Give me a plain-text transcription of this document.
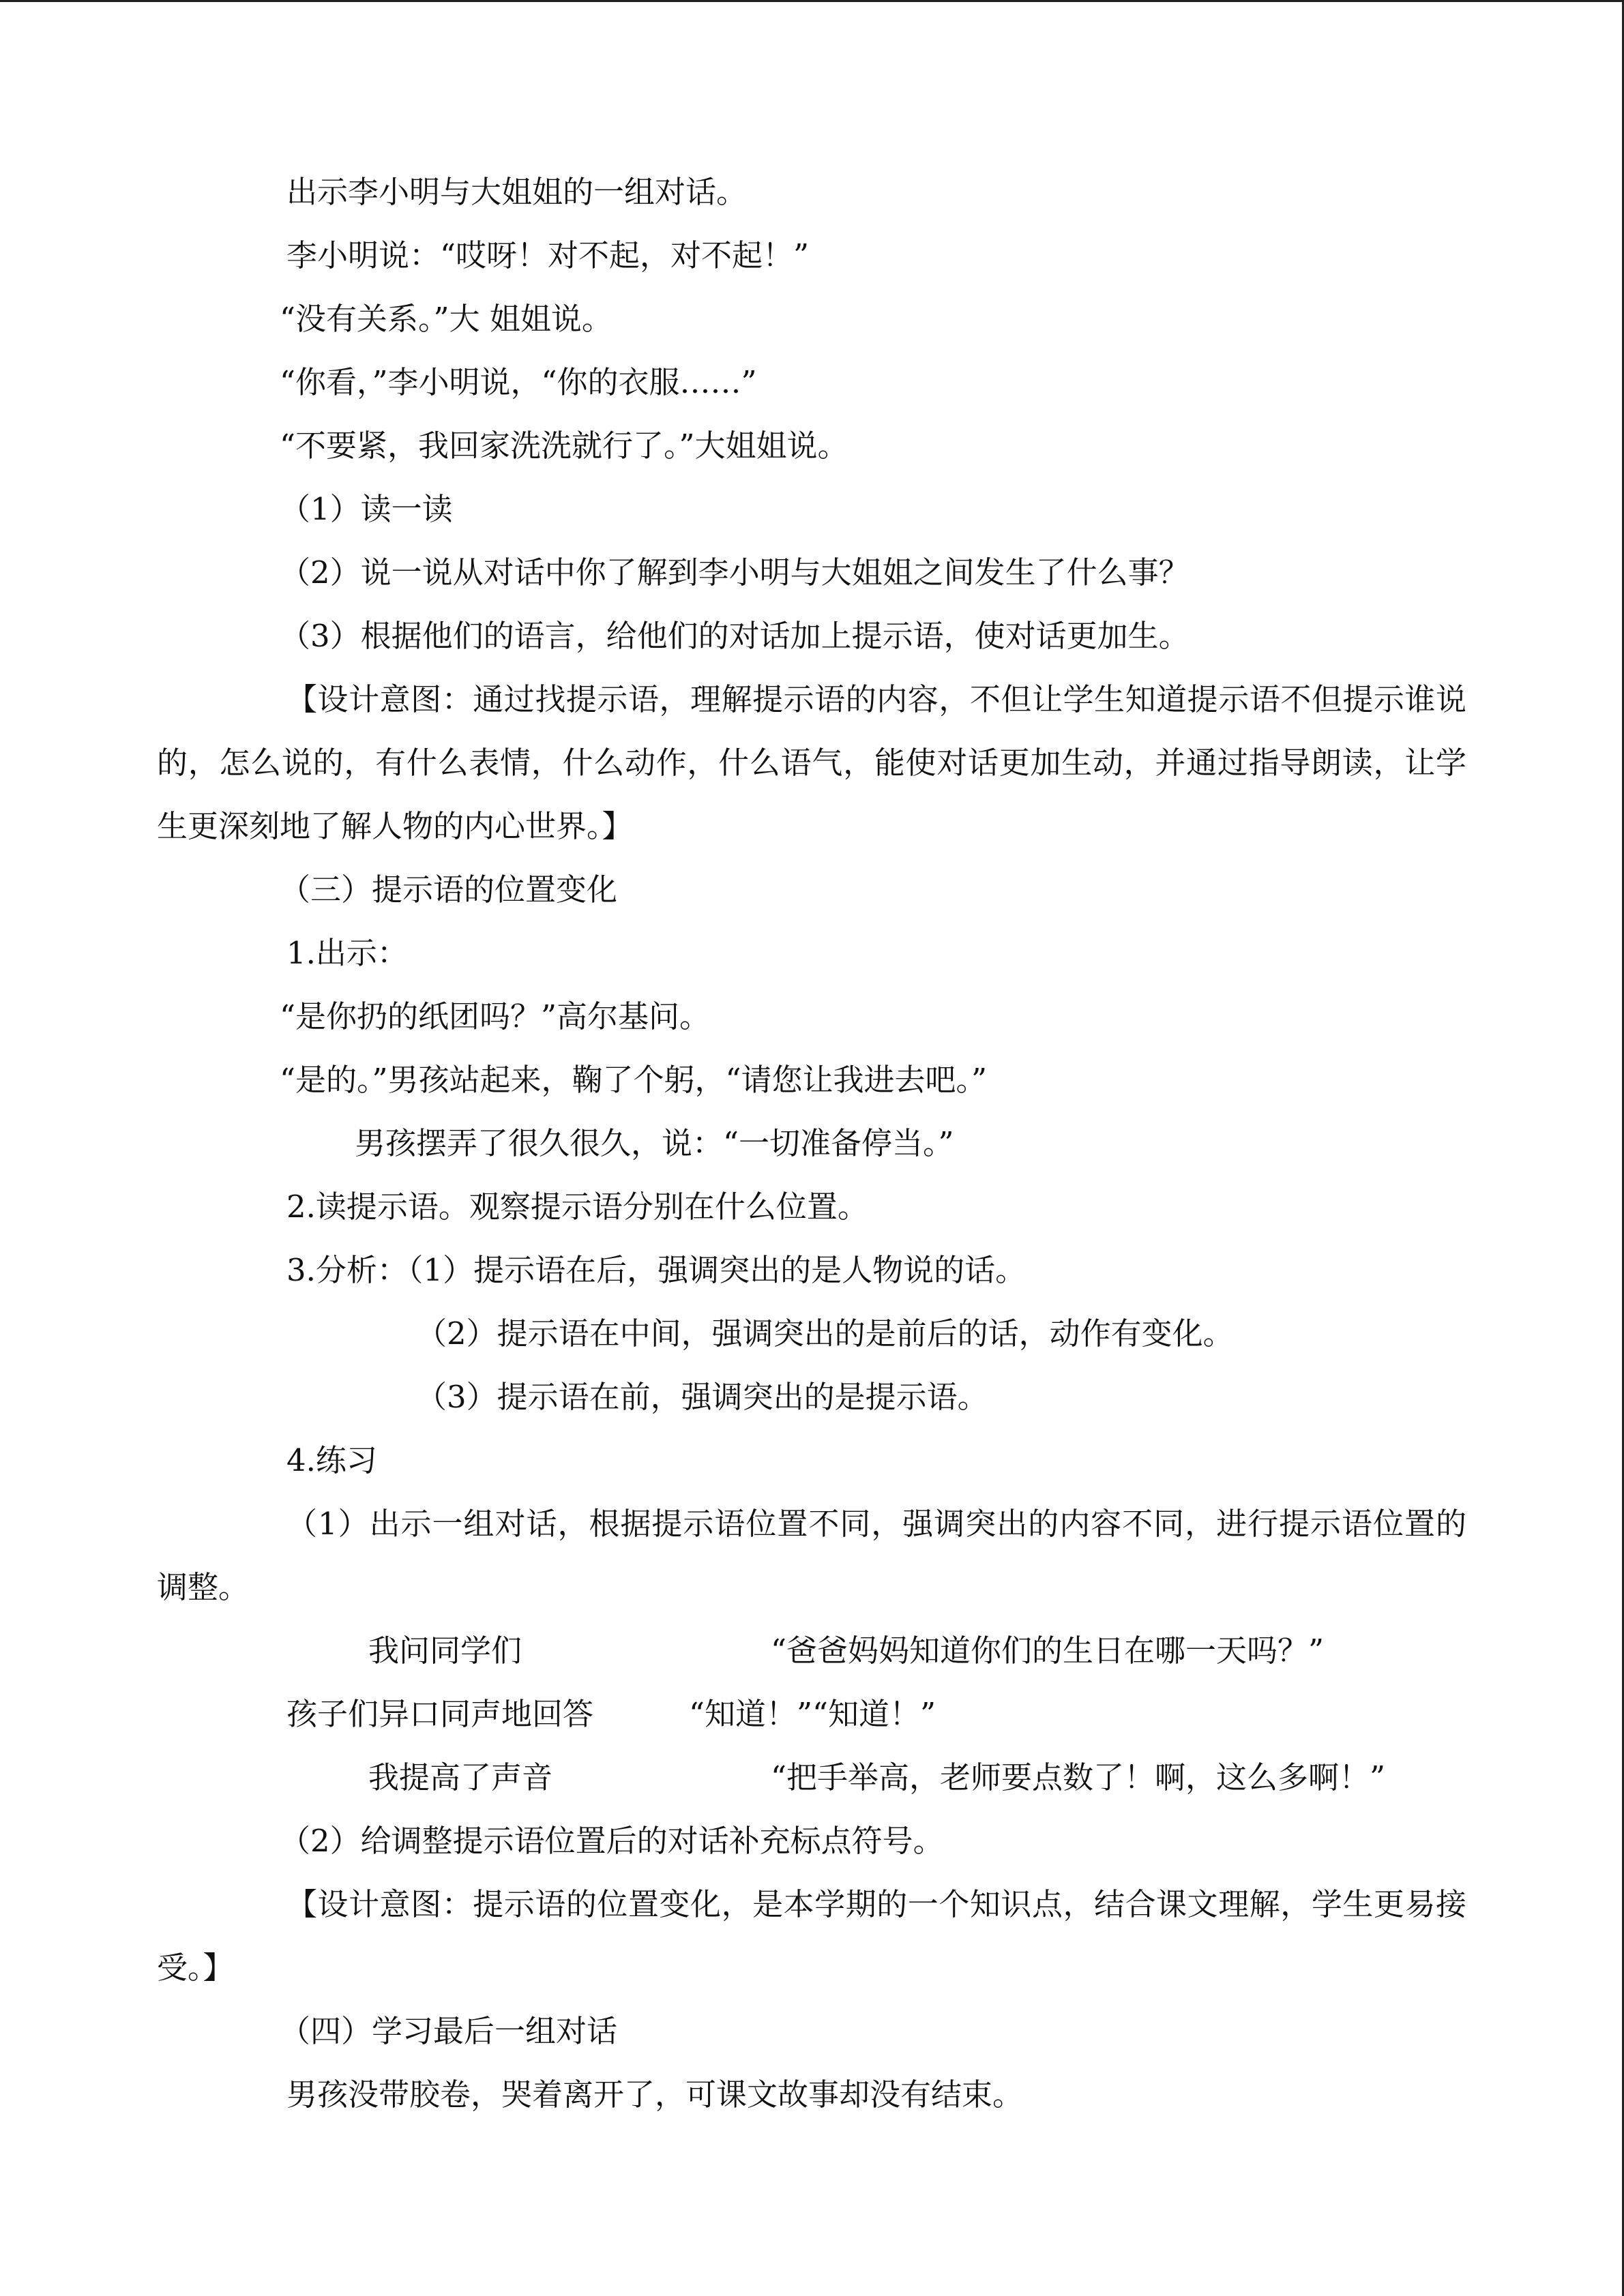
出示李小明与大姐姐的一组对话。

李小明说：“哎呀！对不起，对不起！”

“没有关系。”大 姐姐说。

“你看，”李小明说，“你的衣服……”

“不要紧，我回家洗洗就行了。”大姐姐说。

（1）读一读

（2）说一说从对话中你了解到李小明与大姐姐之间发生了什么事？

（3）根据他们的语言，给他们的对话加上提示语，使对话更加生。

【设计意图：通过找提示语，理解提示语的内容，不但让学生知道提示语不但提示谁说的，怎么说的，有什么表情，什么动作，什么语气，能使对话更加生动，并通过指导朗读，让学生更深刻地了解人物的内心世界。】

（三）提示语的位置变化

1.出示：

“是你扔的纸团吗？”高尔基问。

“是的。”男孩站起来，鞠了个躬，“请您让我进去吧。”

男孩摆弄了很久很久，说：“一切准备停当。”

2.读提示语。观察提示语分别在什么位置。

3.分析：（1）提示语在后，强调突出的是人物说的话。

（2）提示语在中间，强调突出的是前后的话，动作有变化。

（3）提示语在前，强调突出的是提示语。

4.练习

（1）出示一组对话，根据提示语位置不同，强调突出的内容不同，进行提示语位置的调整。

我问同学们	“爸爸妈妈知道你们的生日在哪一天吗？”
孩子们异口同声地回答	“知道！”“知道！”
我提高了声音	“把手举高，老师要点数了！啊，这么多啊！”

（2）给调整提示语位置后的对话补充标点符号。

【设计意图：提示语的位置变化，是本学期的一个知识点，结合课文理解，学生更易接受。】

（四）学习最后一组对话

男孩没带胶卷，哭着离开了，可课文故事却没有结束。
